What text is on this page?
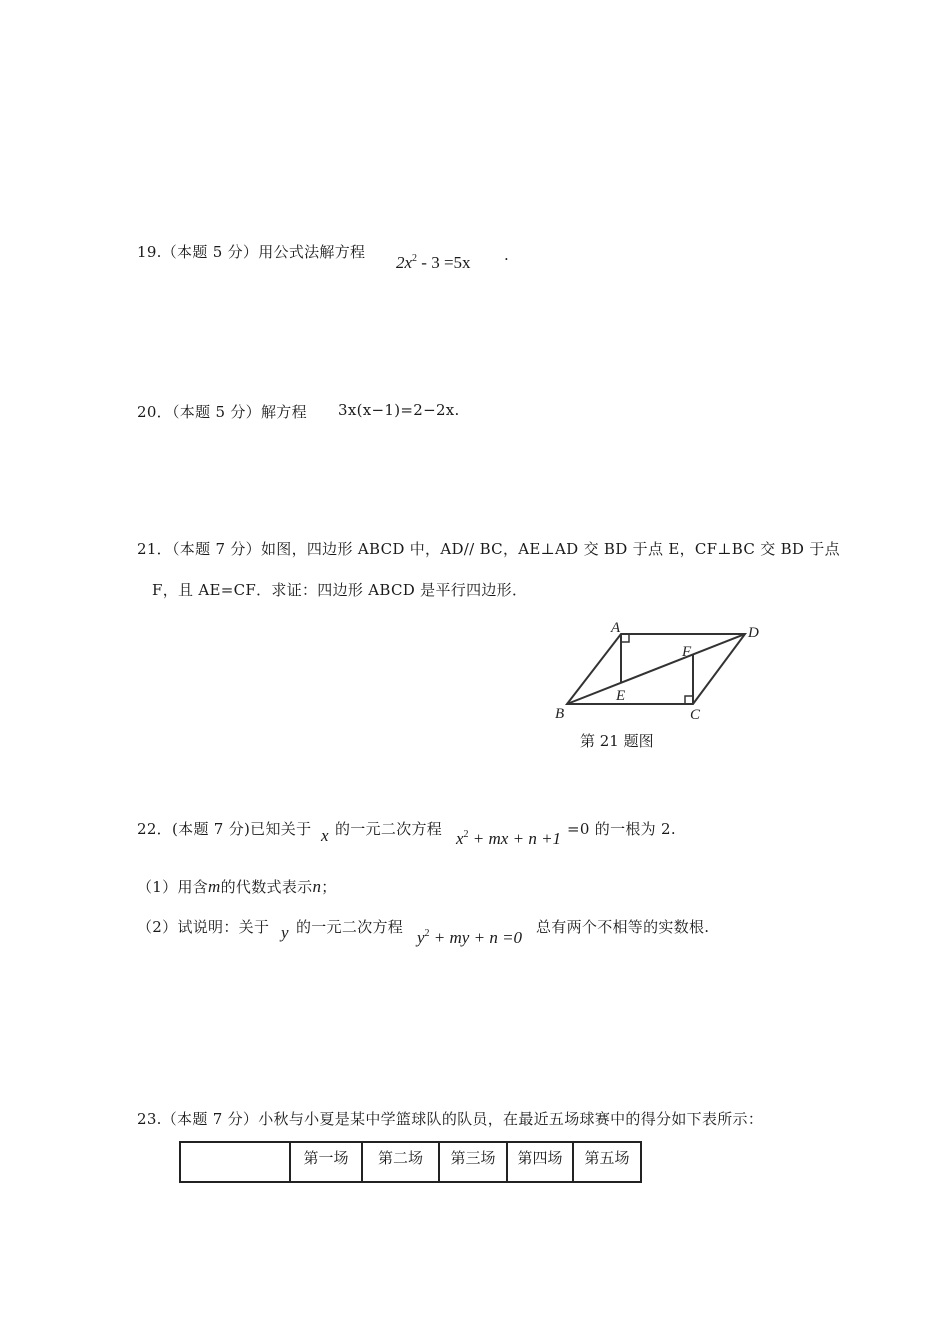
19.（本题 5 分）用公式法解方程
$2x^2 - 3 =5x$ .
20．（本题 5 分）解方程 3x(x−1)=2−2x.
21．（本题 7 分）如图，四边形 ABCD 中，AD// BC，AE⊥AD 交 BD 于点 E，CF⊥BC 交 BD 于点
F，且 AE=CF．求证：四边形 ABCD 是平行四边形．
A	D
F
E
B	C
第 21 题图
22．(本题 7 分)已知关于 x 的一元二次方程 $x^2$ + mx + n +1 =0 的一根为 2.
（1）用含m的代数式表示n；
（2）试说明：关于 y 的一元二次方程
$y^2$ + my + n =0
总有两个不相等的实数根.
23.（本题 7 分）小秋与小夏是某中学篮球队的队员，在最近五场球赛中的得分如下表所示：
	第一场	第二场	第三场	第四场	第五场
